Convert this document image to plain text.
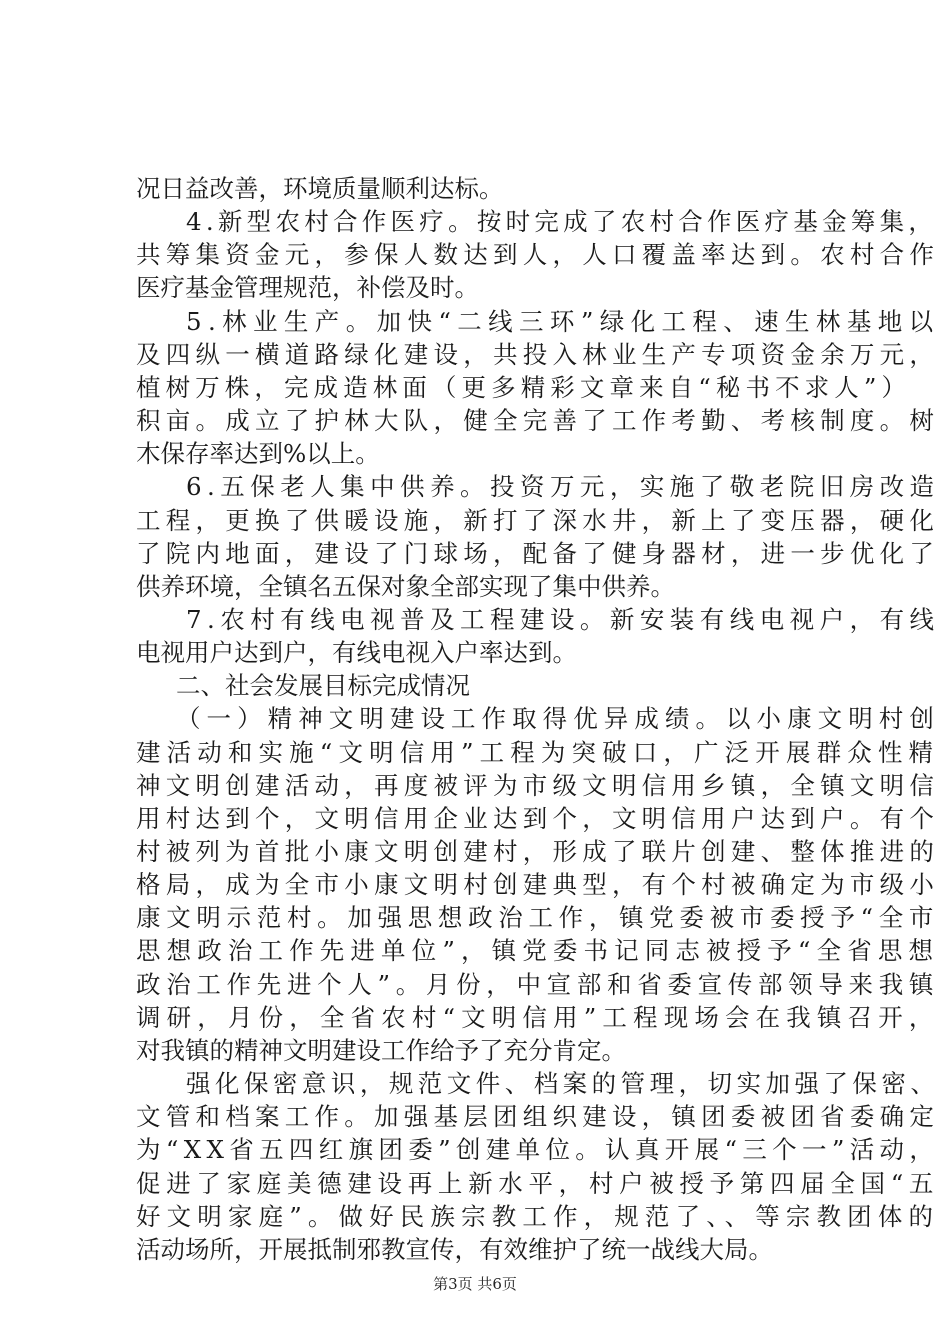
况日益改善，环境质量顺利达标。
4.新型农村合作医疗。按时完成了农村合作医疗基金筹集，
共筹集资金元，参保人数达到人，人口覆盖率达到。农村合作
医疗基金管理规范，补偿及时。
5.林业生产。加快“二线三环”绿化工程、速生林基地以
及四纵一横道路绿化建设，共投入林业生产专项资金余万元，
植树万株，完成造林面（更多精彩文章来自“秘书不求人”）
积亩。成立了护林大队，健全完善了工作考勤、考核制度。树
木保存率达到%以上。
6.五保老人集中供养。投资万元，实施了敬老院旧房改造
工程，更换了供暖设施，新打了深水井，新上了变压器，硬化
了院内地面，建设了门球场，配备了健身器材，进一步优化了
供养环境，全镇名五保对象全部实现了集中供养。
7.农村有线电视普及工程建设。新安装有线电视户，有线
电视用户达到户，有线电视入户率达到。
二、社会发展目标完成情况
（一）精神文明建设工作取得优异成绩。以小康文明村创
建活动和实施“文明信用”工程为突破口，广泛开展群众性精
神文明创建活动，再度被评为市级文明信用乡镇，全镇文明信
用村达到个，文明信用企业达到个，文明信用户达到户。有个
村被列为首批小康文明创建村，形成了联片创建、整体推进的
格局，成为全市小康文明村创建典型，有个村被确定为市级小
康文明示范村。加强思想政治工作，镇党委被市委授予“全市
思想政治工作先进单位”，镇党委书记同志被授予“全省思想
政治工作先进个人”。月份，中宣部和省委宣传部领导来我镇
调研，月份，全省农村“文明信用”工程现场会在我镇召开，
对我镇的精神文明建设工作给予了充分肯定。
强化保密意识，规范文件、档案的管理，切实加强了保密、
文管和档案工作。加强基层团组织建设，镇团委被团省委确定
为“XX省五四红旗团委”创建单位。认真开展“三个一”活动，
促进了家庭美德建设再上新水平，村户被授予第四届全国“五
好文明家庭”。做好民族宗教工作，规范了、、等宗教团体的
活动场所，开展抵制邪教宣传，有效维护了统一战线大局。
第3页 共6页
